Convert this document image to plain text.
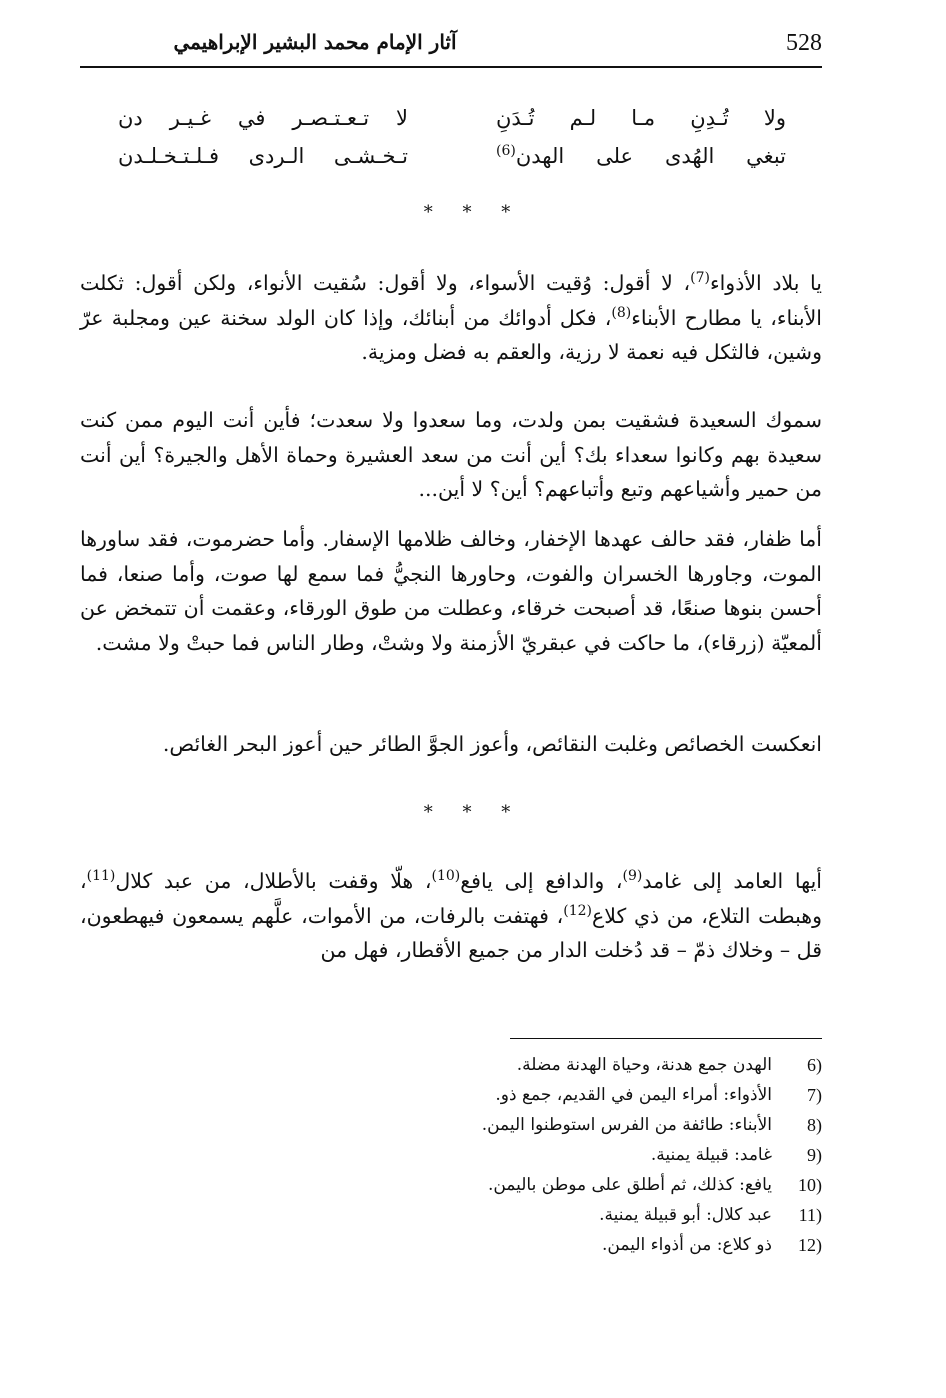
آثار الإمام محمد البشير الإبراهيمي	528
ولا تُـدِنِ مـا لـم تُـدَنِ
لا تـعـتـصـر في غـيـر دن
تبغي الهُدى على الهدن$^{(6)}$
تـخـشـى الـردى فـلـتـخـلـدن
* * *

يا بلاد الأذواء$^{(7)}$، لا أقول: وُقيت الأسواء، ولا أقول: سُقيت الأنواء، ولكن أقول: ثكلت الأبناء، يا مطارح الأبناء$^{(8)}$، فكل أدوائك من أبنائك، وإذا كان الولد سخنة عين ومجلبة عرّ وشين، فالثكل فيه نعمة لا رزية، والعقم به فضل ومزية.

سموك السعيدة فشقيت بمن ولدت، وما سعدوا ولا سعدت؛ فأين أنت اليوم ممن كنت سعيدة بهم وكانوا سعداء بك؟ أين أنت من سعد العشيرة وحماة الأهل والجيرة؟ أين أنت من حمير وأشياعهم وتبع وأتباعهم؟ أين؟ لا أين...

أما ظفار، فقد حالف عهدها الإخفار، وخالف ظلامها الإسفار. وأما حضرموت، فقد ساورها الموت، وجاورها الخسران والفوت، وحاورها النجيُّ فما سمع لها صوت، وأما صنعا، فما أحسن بنوها صنعًا، قد أصبحت خرقاء، وعطلت من طوق الورقاء، وعقمت أن تتمخض عن ألمعيّة (زرقاء)، ما حاكت في عبقريّ الأزمنة ولا وشتْ، وطار الناس فما حبتْ ولا مشت.

انعكست الخصائص وغلبت النقائص، وأعوز الجوَّ الطائر حين أعوز البحر الغائص.

* * *

أيها العامد إلى غامد$^{(9)}$، والدافع إلى يافع$^{(10)}$، هلّا وقفت بالأطلال، من عبد كلال$^{(11)}$، وهبطت التلاع، من ذي كلاع$^{(12)}$، فهتفت بالرفات، من الأموات، علَّهم يسمعون فيهطعون، قل – وخلاك ذمّ – قد دُخلت الدار من جميع الأقطار، فهل من

6)
الهدن جمع هدنة، وحياة الهدنة مضلة.
7)
الأذواء: أمراء اليمن في القديم، جمع ذو.
8)
الأبناء: طائفة من الفرس استوطنوا اليمن.
9)
غامد: قبيلة يمنية.
10)
يافع: كذلك، ثم أطلق على موطن باليمن.
11)
عبد كلال: أبو قبيلة يمنية.
12)
ذو كلاع: من أذواء اليمن.
